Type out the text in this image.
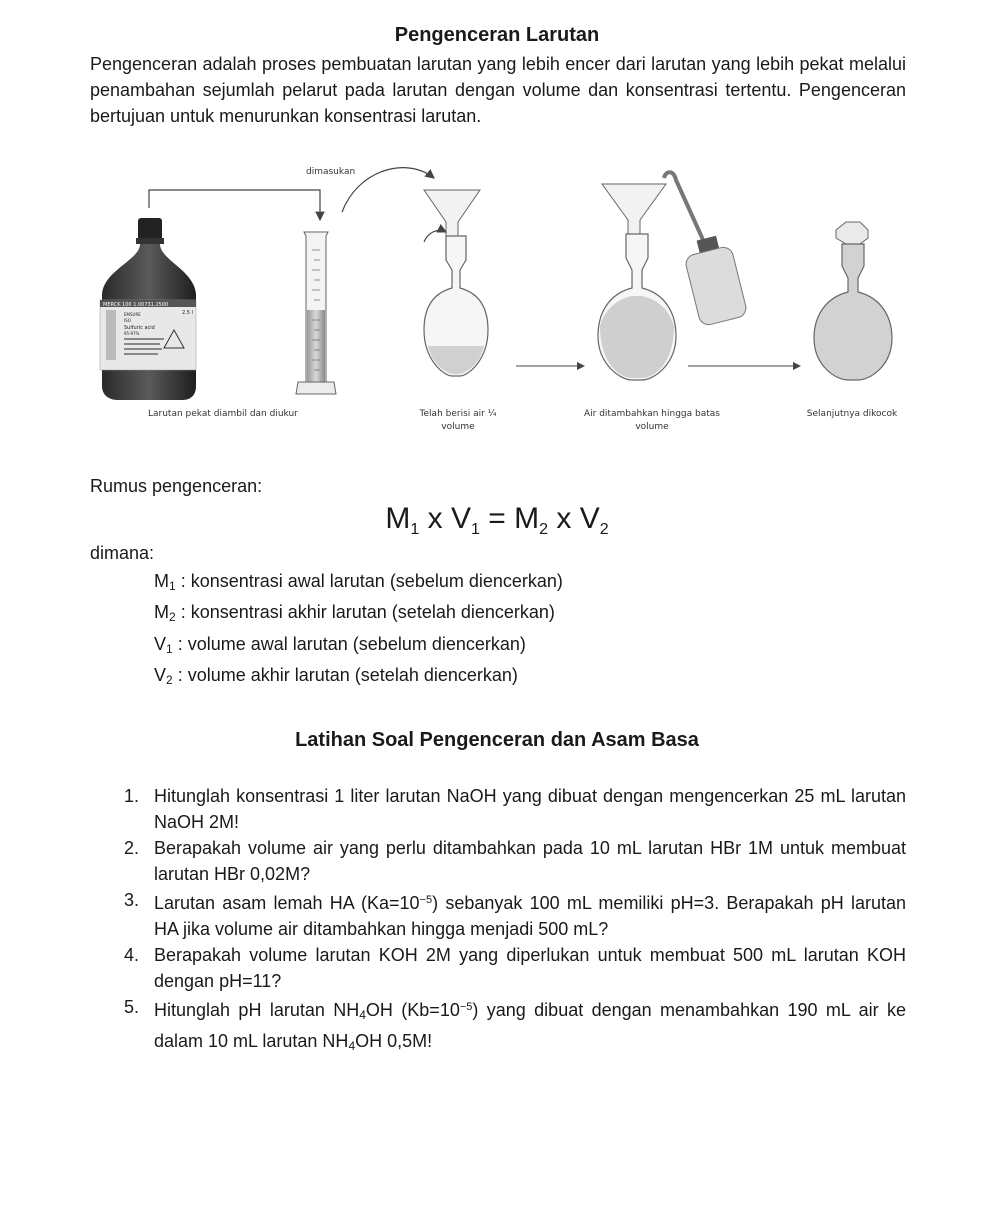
Pengenceran Larutan
Pengenceran adalah proses pembuatan larutan yang lebih encer dari larutan yang lebih pekat melalui penambahan sejumlah pelarut pada larutan dengan volume dan konsentrasi tertentu. Pengenceran bertujuan untuk menurunkan konsentrasi larutan.
dimasukan
MERCK 100 1.00731.2500
2.5 l
EMSURE
ISO
Sulfuric acid
95-97%
Larutan pekat diambil dan diukur	Telah berisi air ¼
volume
Air ditambahkan hingga batas
volume
Selanjutnya dikocok
Rumus pengenceran:
$M_1$ x $V_1 = M_2$ x $V_2$
dimana:
$M_1$ : konsentrasi awal larutan (sebelum diencerkan)
$M_2$ : konsentrasi akhir larutan (setelah diencerkan)
$V_1$ : volume awal larutan (sebelum diencerkan)
$V_2$ : volume akhir larutan (setelah diencerkan)
Latihan Soal Pengenceran dan Asam Basa
1. Hitunglah konsentrasi 1 liter larutan NaOH yang dibuat dengan mengencerkan 25 mL larutan NaOH 2M!
2. Berapakah volume air yang perlu ditambahkan pada 10 mL larutan HBr 1M untuk membuat larutan HBr 0,02M?
3. Larutan asam lemah HA $(Ka=10^{-5})$ sebanyak 100 mL memiliki pH=3. Berapakah pH larutan HA jika volume air ditambahkan hingga menjadi 500 mL?
4. Berapakah volume larutan KOH 2M yang diperlukan untuk membuat 500 mL larutan KOH dengan pH=11?
5. Hitunglah pH larutan $NH_4OH$ $(Kb=10^{-5})$ yang dibuat dengan menambahkan 190 mL air ke dalam 10 mL larutan $NH_4OH$ 0,5M!
